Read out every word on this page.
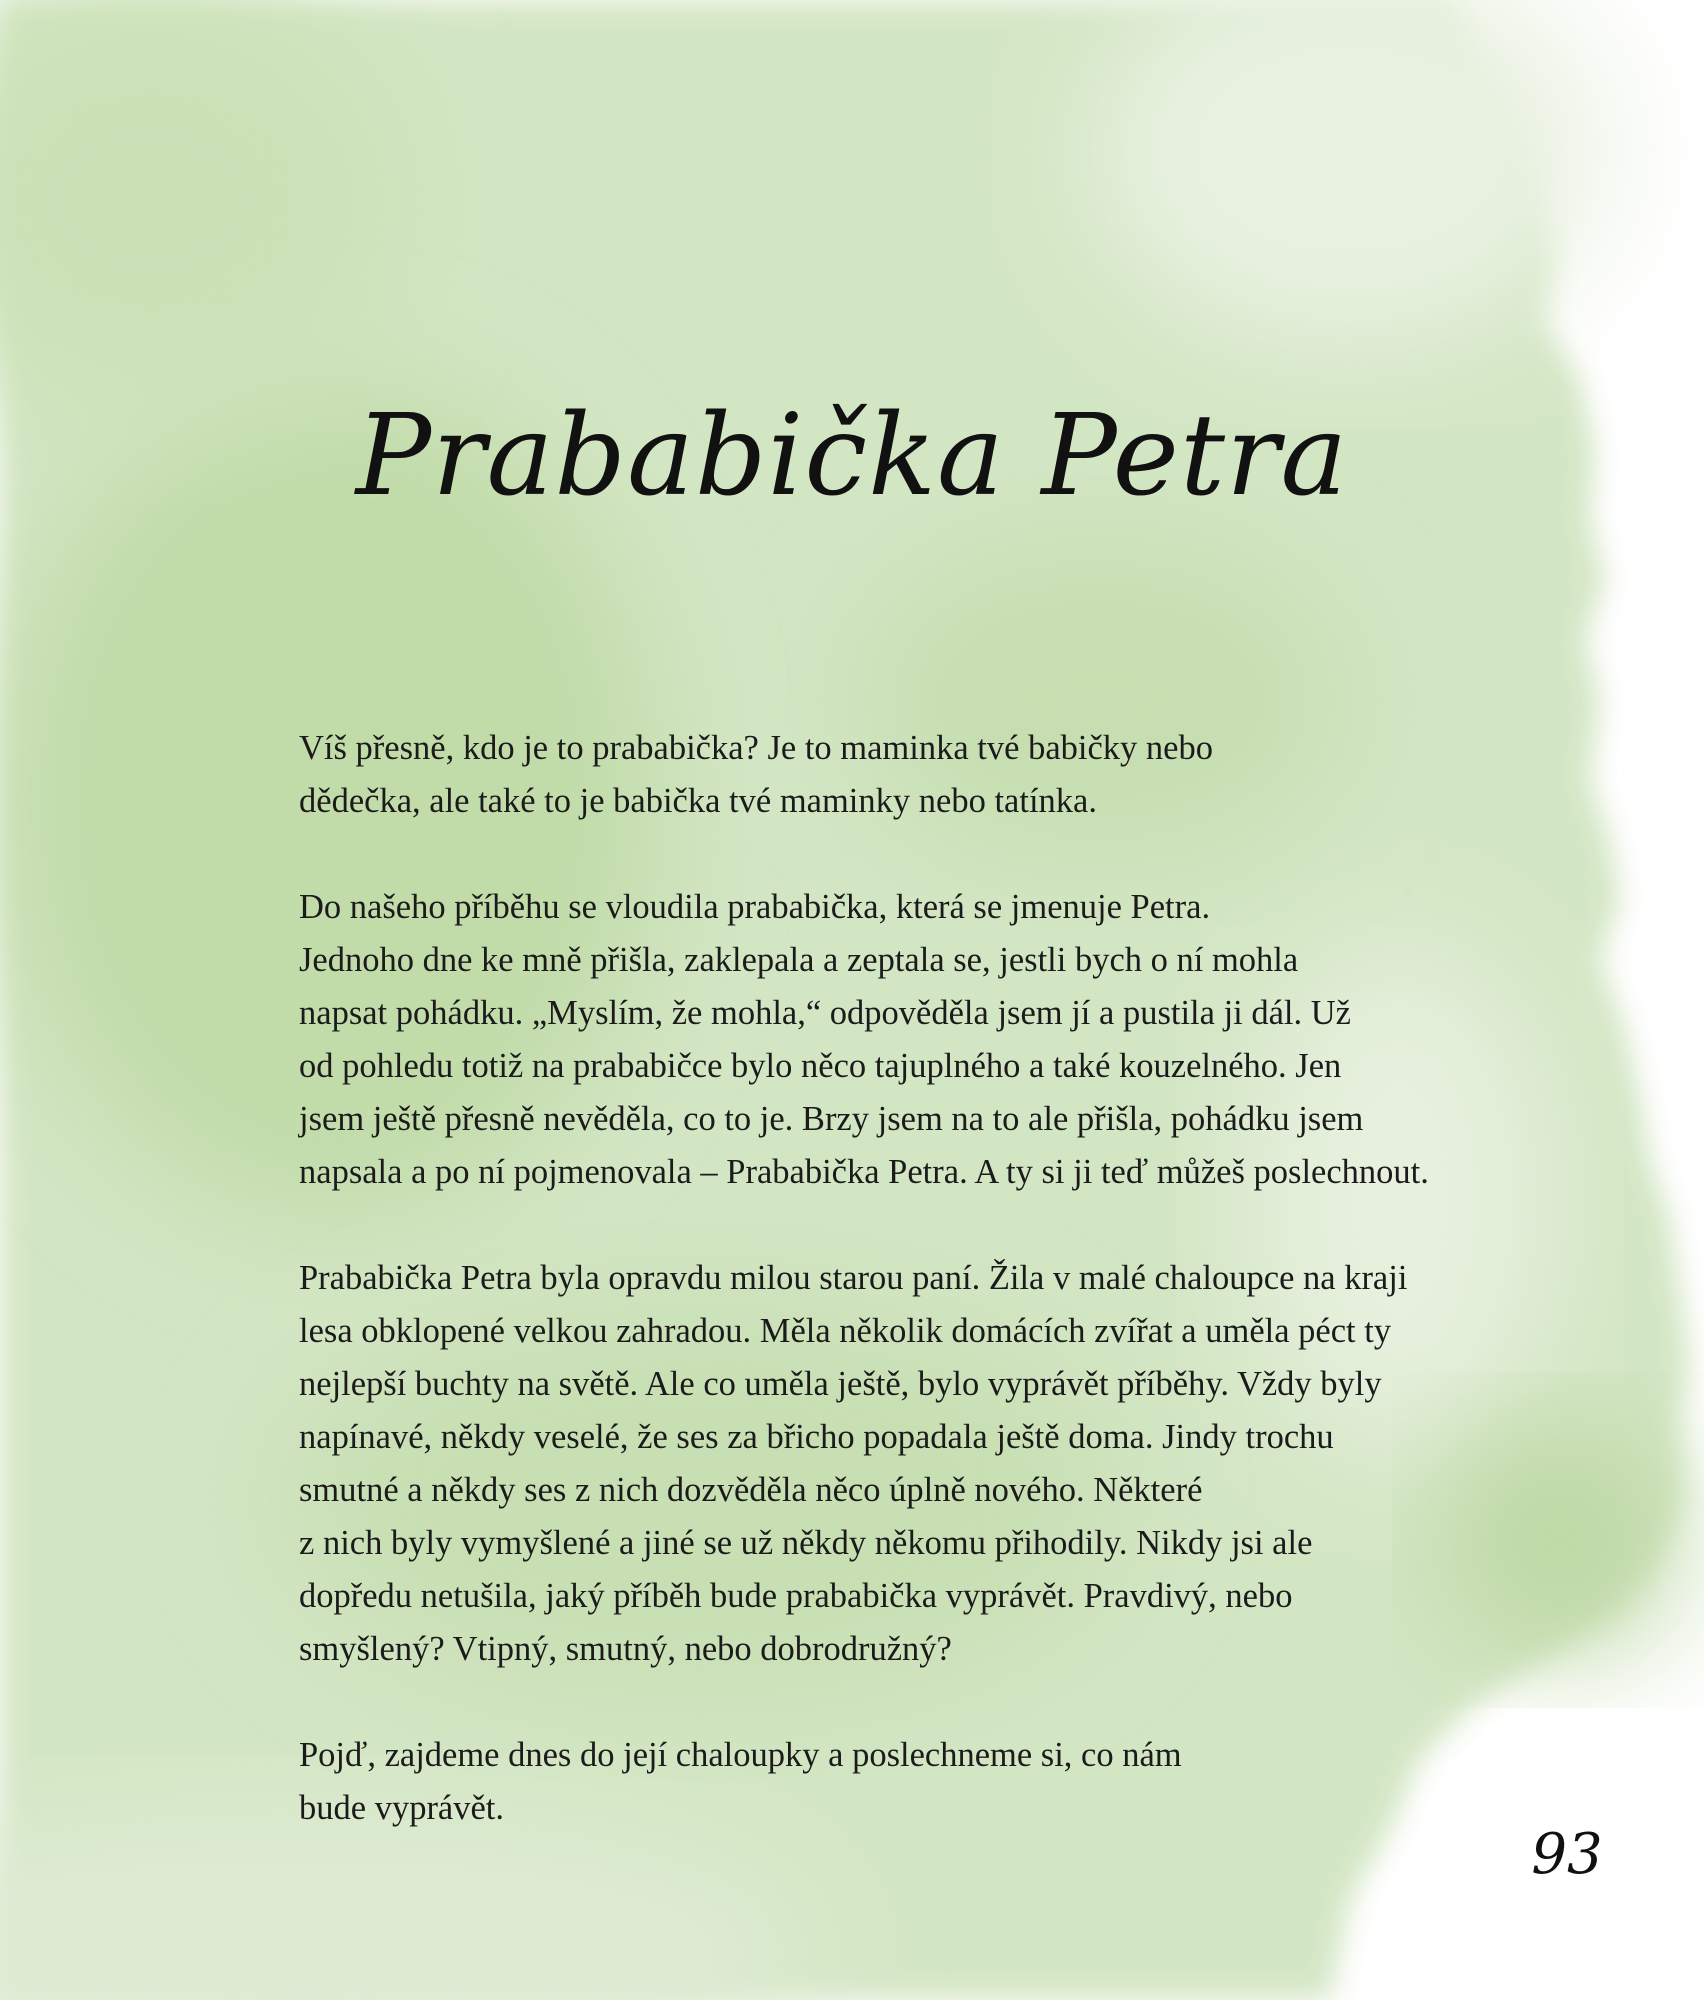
Prababička Petra

Víš přesně, kdo je to prababička? Je to maminka tvé babičky nebo
dědečka, ale také to je babička tvé maminky nebo tatínka.

Do našeho příběhu se vloudila prababička, která se jmenuje Petra.
Jednoho dne ke mně přišla, zaklepala a zeptala se, jestli bych o ní mohla
napsat pohádku. „Myslím, že mohla,“ odpověděla jsem jí a pustila ji dál. Už
od pohledu totiž na prababičce bylo něco tajuplného a také kouzelného. Jen
jsem ještě přesně nevěděla, co to je. Brzy jsem na to ale přišla, pohádku jsem
napsala a po ní pojmenovala – Prababička Petra. A ty si ji teď můžeš poslechnout.

Prababička Petra byla opravdu milou starou paní. Žila v malé chaloupce na kraji
lesa obklopené velkou zahradou. Měla několik domácích zvířat a uměla péct ty
nejlepší buchty na světě. Ale co uměla ještě, bylo vyprávět příběhy. Vždy byly
napínavé, někdy veselé, že ses za břicho popadala ještě doma. Jindy trochu
smutné a někdy ses z nich dozvěděla něco úplně nového. Některé
z nich byly vymyšlené a jiné se už někdy někomu přihodily. Nikdy jsi ale
dopředu netušila, jaký příběh bude prababička vyprávět. Pravdivý, nebo
smyšlený? Vtipný, smutný, nebo dobrodružný?

Pojď, zajdeme dnes do její chaloupky a poslechneme si, co nám
bude vyprávět.

93
